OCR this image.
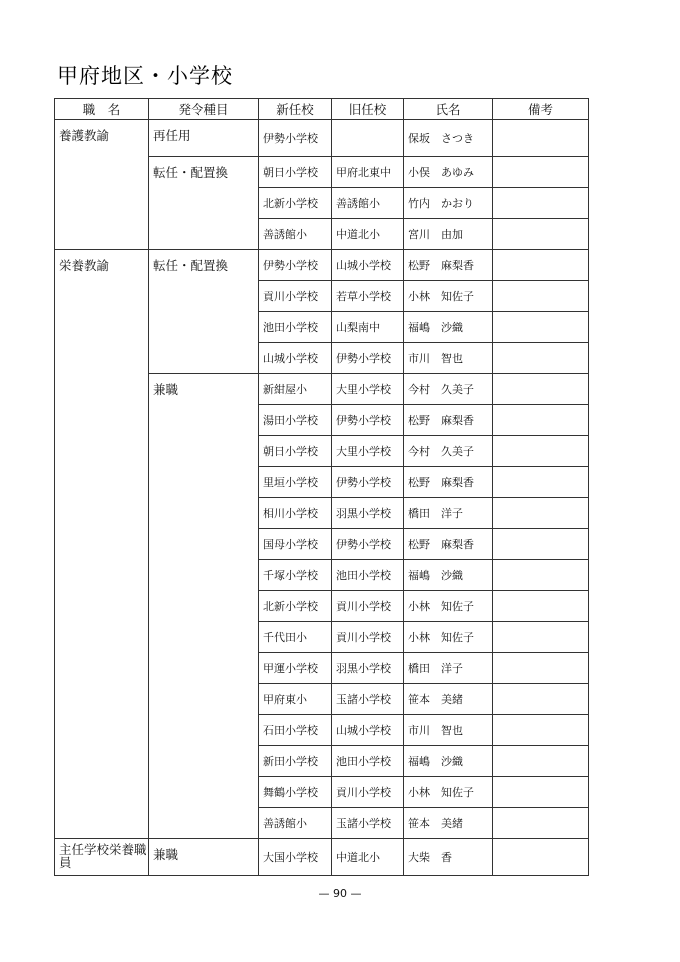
甲府地区・小学校
職　名	発令種目	新任校	旧任校	氏名	備考
養護教諭	再任用	伊勢小学校		保坂　さつき	
	転任・配置換	朝日小学校	甲府北東中	小俣　あゆみ	
		北新小学校	善誘館小	竹内　かおり	
		善誘館小	中道北小	宮川　由加	
栄養教諭	転任・配置換	伊勢小学校	山城小学校	松野　麻梨香	
		貢川小学校	若草小学校	小林　知佐子	
		池田小学校	山梨南中	福嶋　沙織	
		山城小学校	伊勢小学校	市川　智也	
	兼職	新紺屋小	大里小学校	今村　久美子	
		湯田小学校	伊勢小学校	松野　麻梨香	
		朝日小学校	大里小学校	今村　久美子	
		里垣小学校	伊勢小学校	松野　麻梨香	
		相川小学校	羽黒小学校	橋田　洋子	
		国母小学校	伊勢小学校	松野　麻梨香	
		千塚小学校	池田小学校	福嶋　沙織	
		北新小学校	貢川小学校	小林　知佐子	
		千代田小	貢川小学校	小林　知佐子	
		甲運小学校	羽黒小学校	橋田　洋子	
		甲府東小	玉諸小学校	笹本　美緒	
		石田小学校	山城小学校	市川　智也	
		新田小学校	池田小学校	福嶋　沙織	
		舞鶴小学校	貢川小学校	小林　知佐子	
		善誘館小	玉諸小学校	笹本　美緒	
主任学校栄養職員	兼職	大国小学校	中道北小	大柴　香	
— 90 —
